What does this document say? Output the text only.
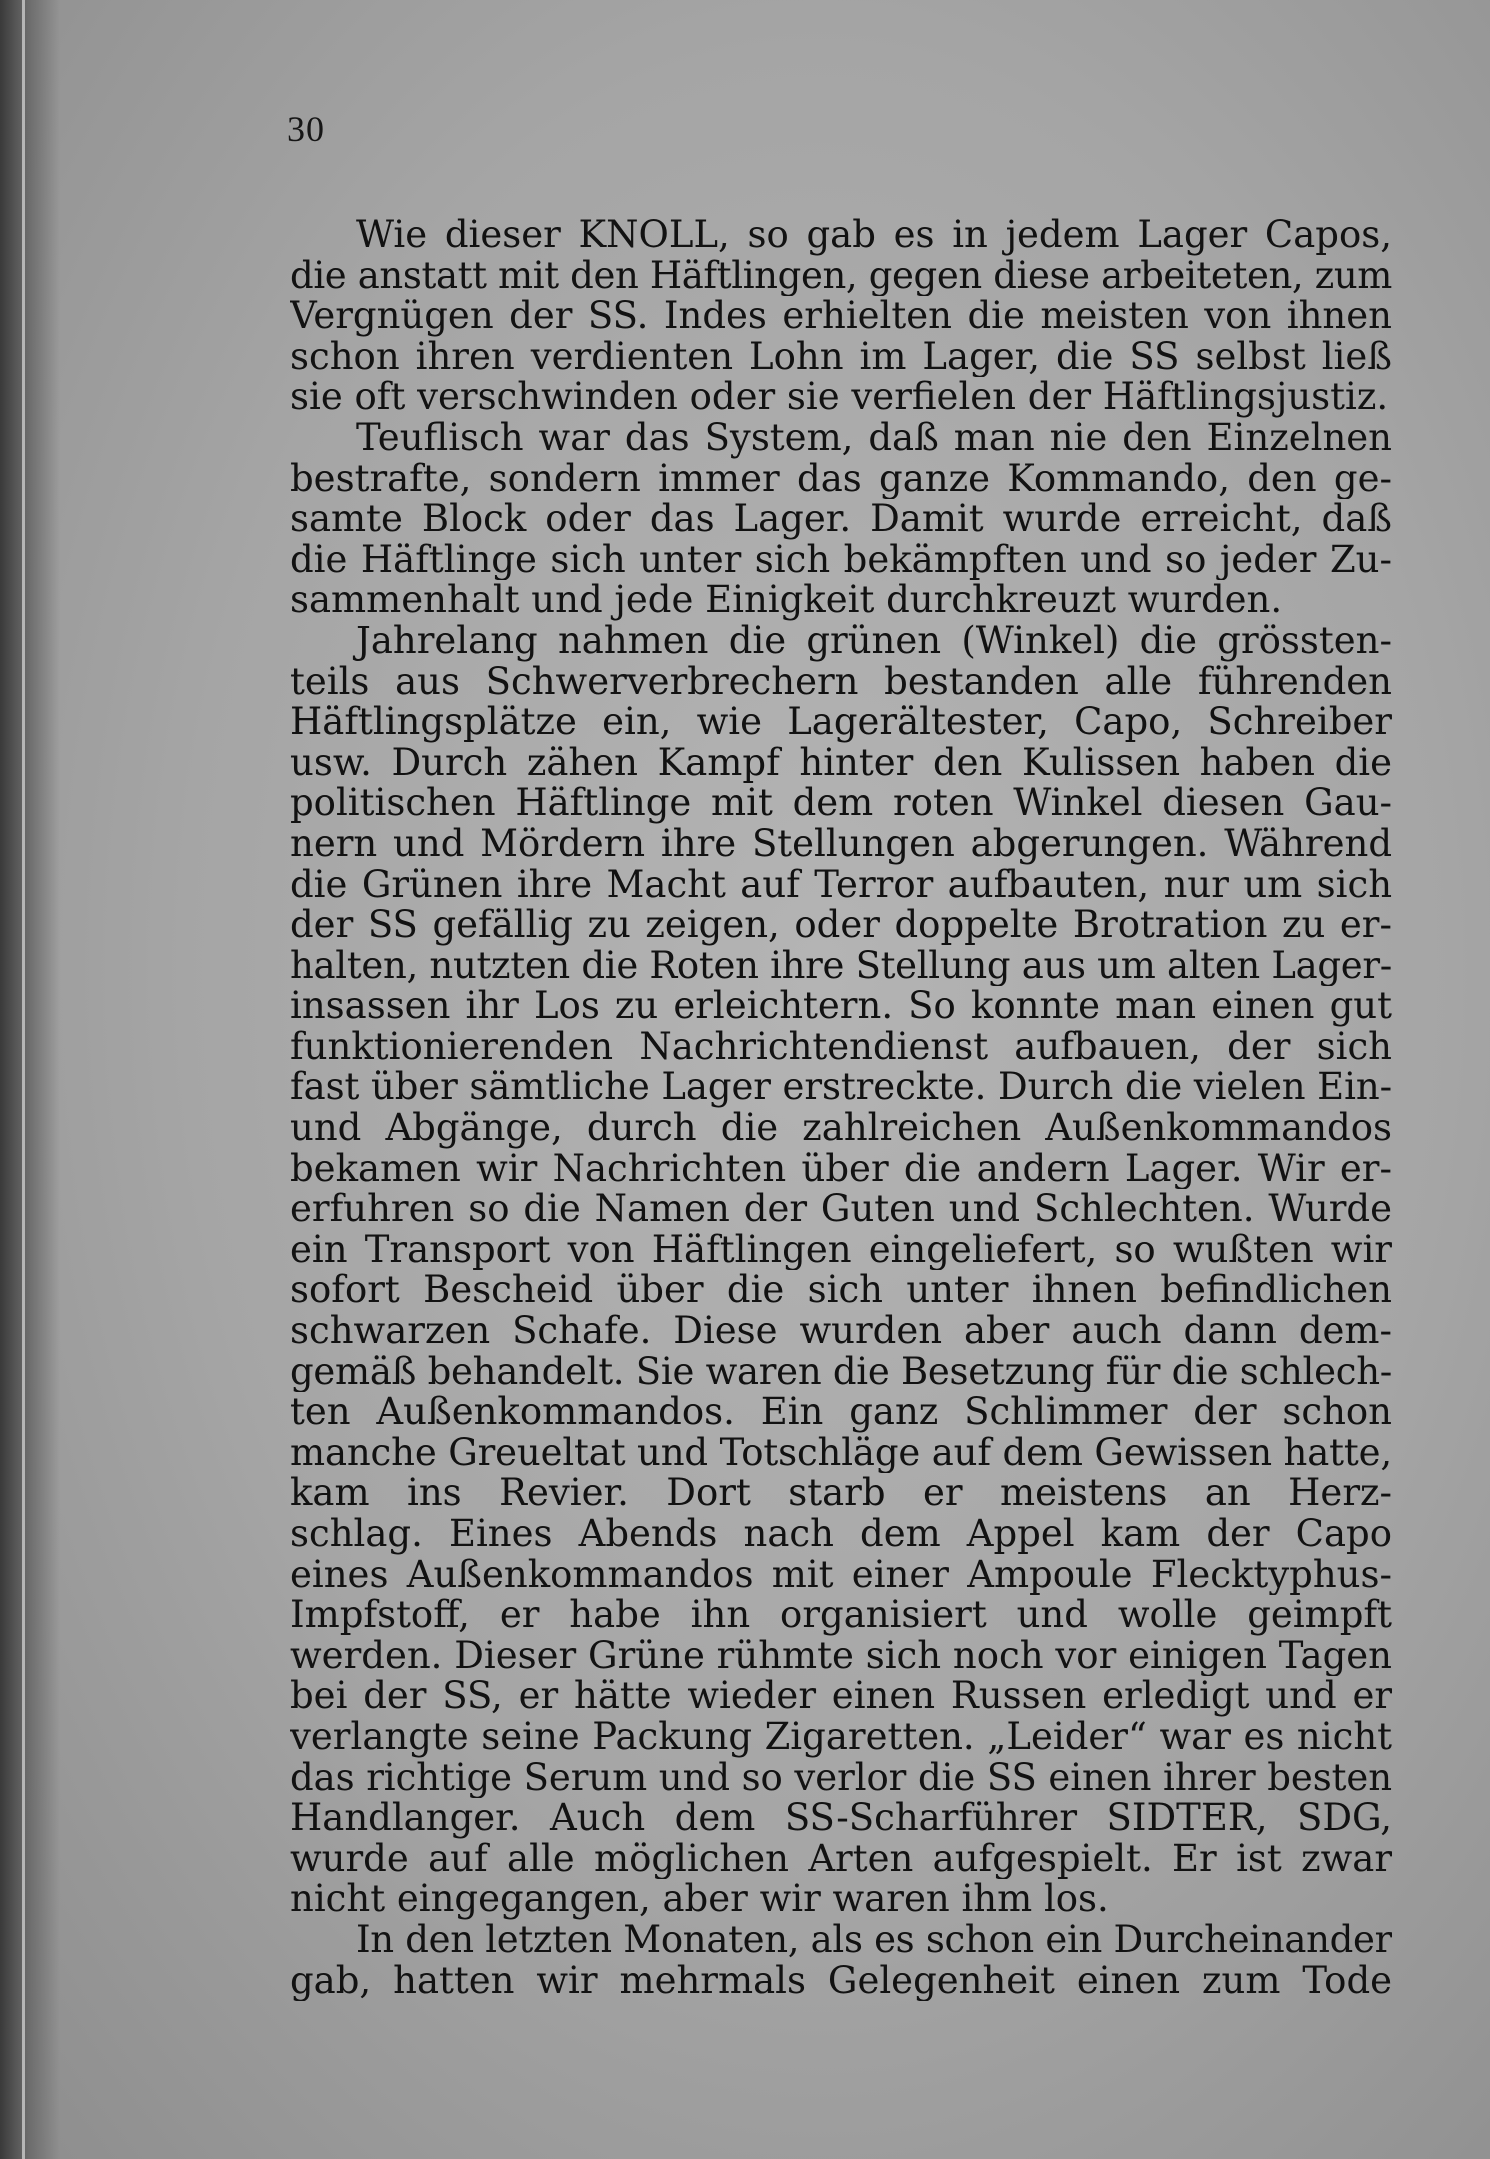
30
Wie dieser KNOLL, so gab es in jedem Lager Capos,
die anstatt mit den Häftlingen, gegen diese arbeiteten, zum
Vergnügen der SS. Indes erhielten die meisten von ihnen
schon ihren verdienten Lohn im Lager, die SS selbst ließ
sie oft verschwinden oder sie verfielen der Häftlingsjustiz.
Teuflisch war das System, daß man nie den Einzelnen
bestrafte, sondern immer das ganze Kommando, den ge-
samte Block oder das Lager. Damit wurde erreicht, daß
die Häftlinge sich unter sich bekämpften und so jeder Zu-
sammenhalt und jede Einigkeit durchkreuzt wurden.
Jahrelang nahmen die grünen (Winkel) die grössten-
teils aus Schwerverbrechern bestanden alle führenden
Häftlingsplätze ein, wie Lagerältester, Capo, Schreiber
usw. Durch zähen Kampf hinter den Kulissen haben die
politischen Häftlinge mit dem roten Winkel diesen Gau-
nern und Mördern ihre Stellungen abgerungen. Während
die Grünen ihre Macht auf Terror aufbauten, nur um sich
der SS gefällig zu zeigen, oder doppelte Brotration zu er-
halten, nutzten die Roten ihre Stellung aus um alten Lager-
insassen ihr Los zu erleichtern. So konnte man einen gut
funktionierenden Nachrichtendienst aufbauen, der sich
fast über sämtliche Lager erstreckte. Durch die vielen Ein-
und Abgänge, durch die zahlreichen Außenkommandos
bekamen wir Nachrichten über die andern Lager. Wir er-
erfuhren so die Namen der Guten und Schlechten. Wurde
ein Transport von Häftlingen eingeliefert, so wußten wir
sofort Bescheid über die sich unter ihnen befindlichen
schwarzen Schafe. Diese wurden aber auch dann dem-
gemäß behandelt. Sie waren die Besetzung für die schlech-
ten Außenkommandos. Ein ganz Schlimmer der schon
manche Greueltat und Totschläge auf dem Gewissen hatte,
kam ins Revier. Dort starb er meistens an Herz-
schlag. Eines Abends nach dem Appel kam der Capo
eines Außenkommandos mit einer Ampoule Flecktyphus-
Impfstoff, er habe ihn organisiert und wolle geimpft
werden. Dieser Grüne rühmte sich noch vor einigen Tagen
bei der SS, er hätte wieder einen Russen erledigt und er
verlangte seine Packung Zigaretten. „Leider“ war es nicht
das richtige Serum und so verlor die SS einen ihrer besten
Handlanger. Auch dem SS-Scharführer SIDTER, SDG,
wurde auf alle möglichen Arten aufgespielt. Er ist zwar
nicht eingegangen, aber wir waren ihm los.
In den letzten Monaten, als es schon ein Durcheinander
gab, hatten wir mehrmals Gelegenheit einen zum Tode
